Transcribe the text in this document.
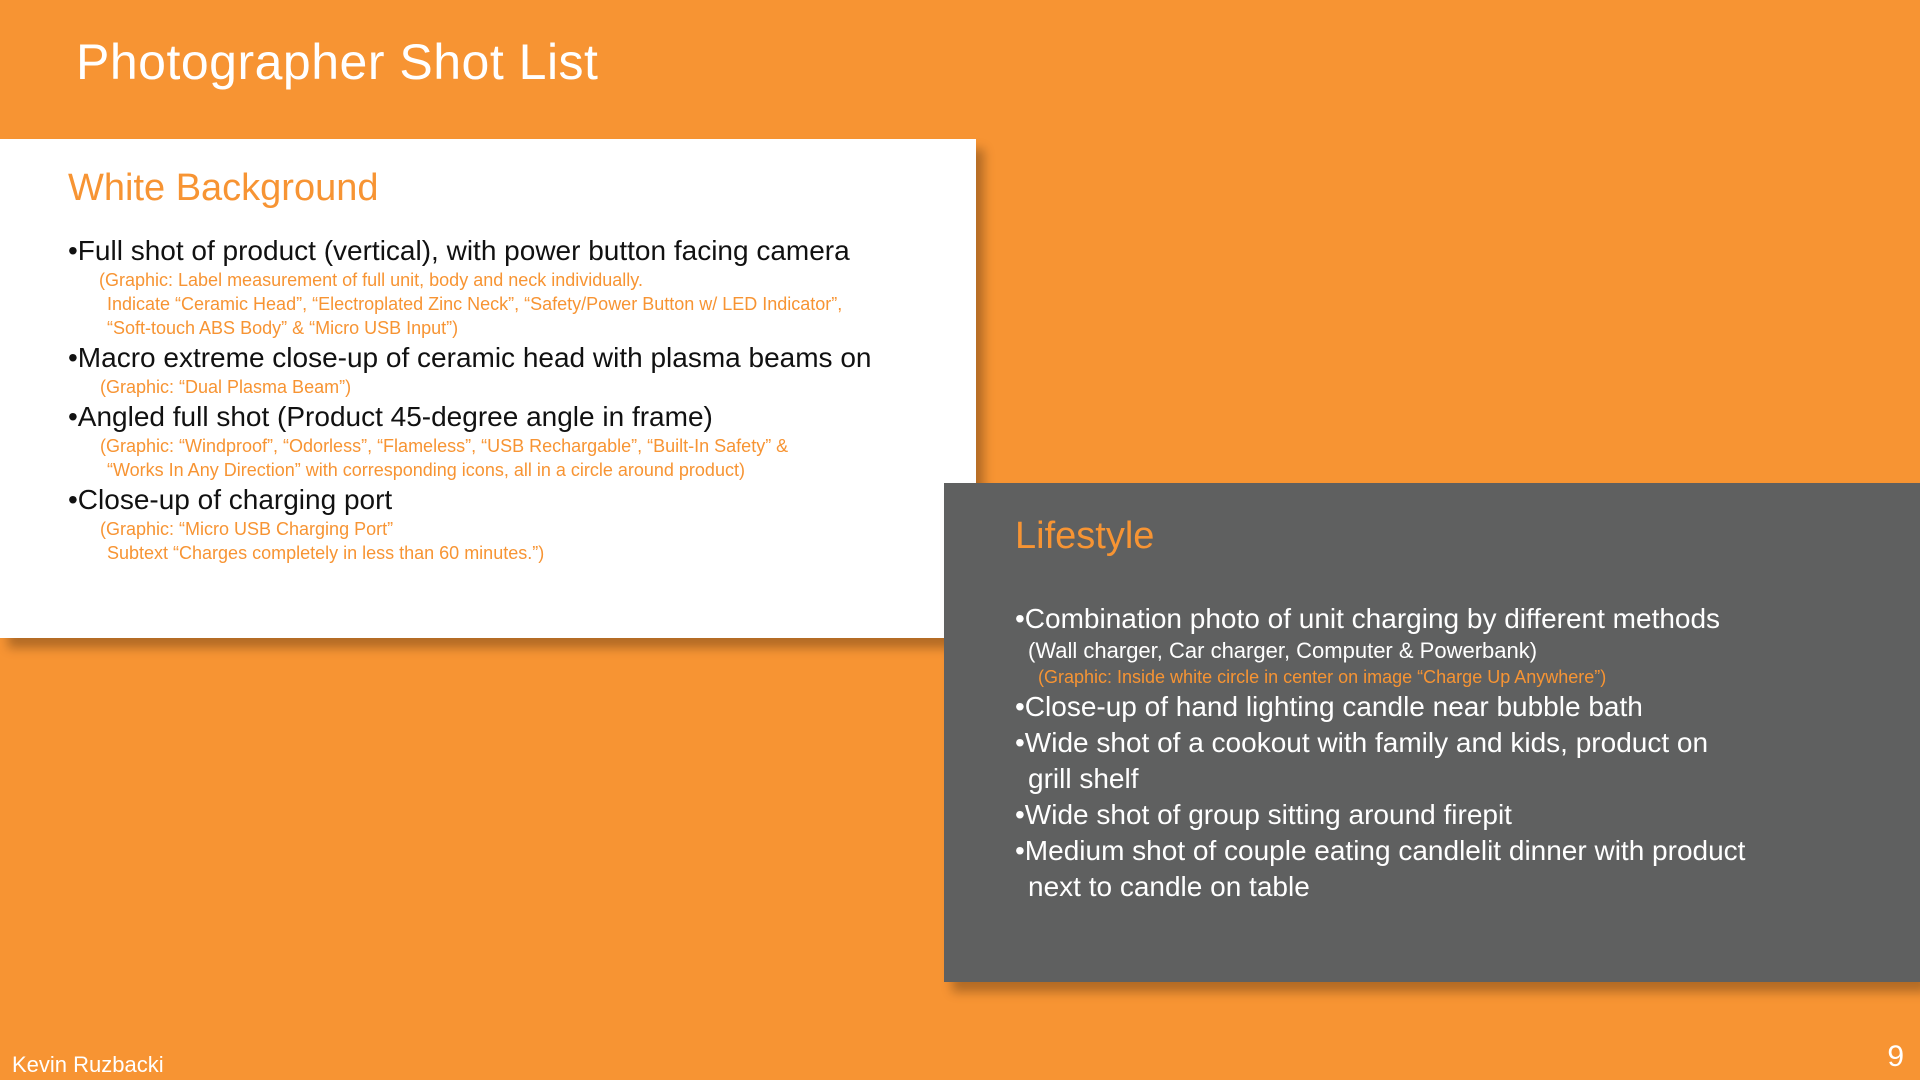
Photographer Shot List
White Background
•Full shot of product (vertical), with power button facing camera
(Graphic: Label measurement of full unit, body and neck individually.
Indicate “Ceramic Head”, “Electroplated Zinc Neck”, “Safety/Power Button w/ LED Indicator”,
“Soft-touch ABS Body” & “Micro USB Input”)
•Macro extreme close-up of ceramic head with plasma beams on
(Graphic: “Dual Plasma Beam”)
•Angled full shot (Product 45-degree angle in frame)
(Graphic: “Windproof”, “Odorless”, “Flameless”, “USB Rechargable”, “Built-In Safety” &
“Works In Any Direction” with corresponding icons, all in a circle around product)
•Close-up of charging port
(Graphic: “Micro USB Charging Port”
Subtext “Charges completely in less than 60 minutes.”)	Lifestyle
•Combination photo of unit charging by different methods
(Wall charger, Car charger, Computer & Powerbank)
(Graphic: Inside white circle in center on image “Charge Up Anywhere”)
•Close-up of hand lighting candle near bubble bath
•Wide shot of a cookout with family and kids, product on
grill shelf
•Wide shot of group sitting around firepit
•Medium shot of couple eating candlelit dinner with product
next to candle on table
Kevin Ruzbacki	9
